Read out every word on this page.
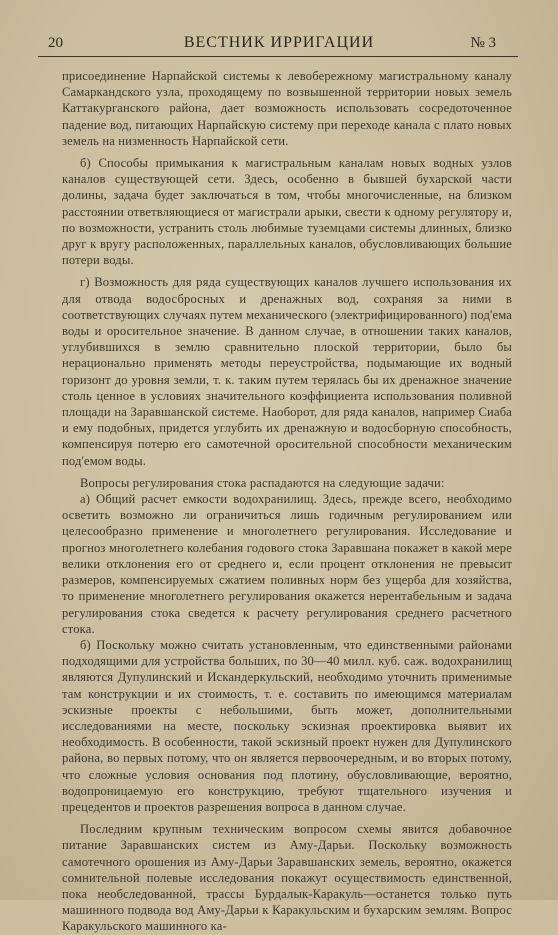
20	ВЕСТНИК ИРРИГАЦИИ	№ 3

присоединение Нарпайской системы к левобережному магистральному каналу Самаркандского узла, проходящему по возвышенной территории новых земель Каттакурганского района, дает возможность использовать сосредоточенное падение вод, питающих Нарпайскую систему при переходе канала с плато новых земель на низменность Нарпайской сети.

б) Способы примыкания к магистральным каналам новых водных узлов каналов существующей сети. Здесь, особенно в бывшей бухарской части долины, задача будет заключаться в том, чтобы многочисленные, на близком расстоянии ответвляющиеся от магистрали арыки, свести к одному регулятору и, по возможности, устранить столь любимые туземцами системы длинных, близко друг к вругу расположенных, параллельных каналов, обусловливающих большие потери воды.

г) Возможность для ряда существующих каналов лучшего использования их для отвода водосбросных и дренажных вод, сохраняя за ними в соответствующих случаях путем механического (электрифицированного) под'ема воды и оросительное значение. В данном случае, в отношении таких каналов, углубившихся в землю сравнительно плоской территории, было бы нерационально применять методы переустройства, подымающие их водный горизонт до уровня земли, т. к. таким путем терялась бы их дренажное значение столь ценное в условиях значительного коэффициента использования поливной площади на Заравшанской системе. Наоборот, для ряда каналов, например Сиаба и ему подобных, придется углубить их дренажную и водосборную способность, компенсируя потерю его самотечной оросительной способности механическим под'емом воды.

Вопросы регулирования стока распадаются на следующие задачи:

а) Общий расчет емкости водохранилищ. Здесь, прежде всего, необходимо осветить возможно ли ограничиться лишь годичным регулированием или целесообразно применение и многолетнего регулирования. Исследование и прогноз многолетнего колебания годового стока Заравшана покажет в какой мере велики отклонения его от среднего и, если процент отклонения не превысит размеров, компенсируемых сжатием поливных норм без ущерба для хозяйства, то применение многолетнего регулирования окажется нерентабельным и задача регулирования стока сведется к расчету регулирования среднего расчетного стока.

б) Поскольку можно считать установленным, что единственными районами подходящими для устройства больших, по 30—40 милл. куб. саж. водохранилищ являются Дупулинский и Искандеркульский, необходимо уточнить применимые там конструкции и их стоимость, т. е. составить по имеющимся материалам эскизные проекты с небольшими, быть может, дополнительными исследованиями на месте, поскольку эскизная проектировка выявит их необходимость. В особенности, такой эскизный проект нужен для Дупулинского района, во первых потому, что он является первоочередным, и во вторых потому, что сложные условия основания под плотину, обусловливающие, вероятно, водопроницаемую его конструкцию, требуют тщательного изучения и прецедентов и проектов разрешения вопроса в данном случае.

Последним крупным техническим вопросом схемы явится добавочное питание Заравшанских систем из Аму-Дарьи. Поскольку возможность самотечного орошения из Аму-Дарьи Заравшанских земель, вероятно, окажется сомнительной полевые исследования покажут осуществимость единственной, пока необследованной, трассы Бурдалык-Каракуль—останется только путь машинного подвода вод Аму-Дарьи к Каракульским и бухарским землям. Вопрос Каракульского машинного ка-
